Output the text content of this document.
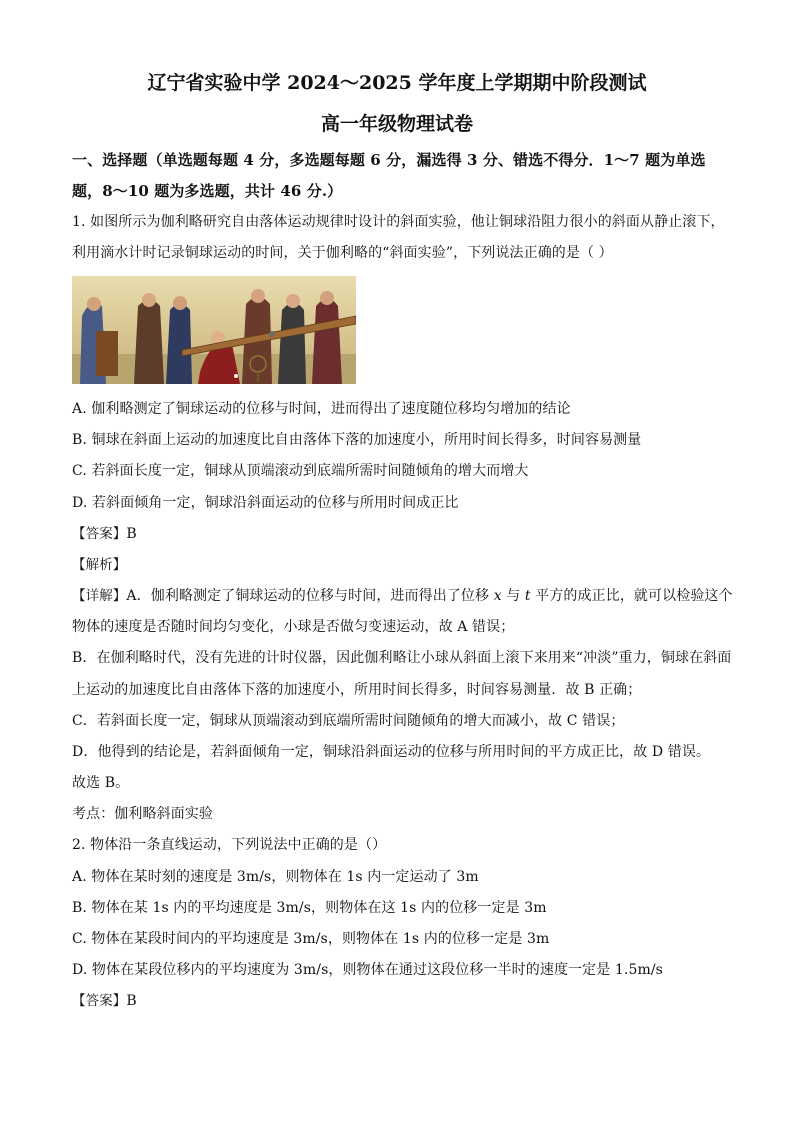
辽宁省实验中学 2024～2025 学年度上学期期中阶段测试
高一年级物理试卷
一、选择题（单选题每题 4 分，多选题每题 6 分，漏选得 3 分、错选不得分．1～7 题为单选
题，8～10 题为多选题，共计 46 分.）
1. 如图所示为伽利略研究自由落体运动规律时设计的斜面实验，他让铜球沿阻力很小的斜面从静止滚下，
利用滴水计时记录铜球运动的时间，关于伽利略的“斜面实验”，下列说法正确的是（ ）
A. 伽利略测定了铜球运动的位移与时间，进而得出了速度随位移均匀增加的结论
B. 铜球在斜面上运动的加速度比自由落体下落的加速度小，所用时间长得多，时间容易测量
C. 若斜面长度一定，铜球从顶端滚动到底端所需时间随倾角的增大而增大
D. 若斜面倾角一定，铜球沿斜面运动的位移与所用时间成正比
【答案】B
【解析】
【详解】A．伽利略测定了铜球运动的位移与时间，进而得出了位移 x 与 t 平方的成正比，就可以检验这个
物体的速度是否随时间均匀变化，小球是否做匀变速运动，故 A 错误；
B．在伽利略时代，没有先进的计时仪器，因此伽利略让小球从斜面上滚下来用来“冲淡”重力，铜球在斜面
上运动的加速度比自由落体下落的加速度小，所用时间长得多，时间容易测量．故 B 正确；
C．若斜面长度一定，铜球从顶端滚动到底端所需时间随倾角的增大而减小，故 C 错误；
D．他得到的结论是，若斜面倾角一定，铜球沿斜面运动的位移与所用时间的平方成正比，故 D 错误。
故选 B。
考点：伽利略斜面实验
2. 物体沿一条直线运动，下列说法中正确的是（）
A. 物体在某时刻的速度是 3m/s，则物体在 1s 内一定运动了 3m
B. 物体在某 1s 内的平均速度是 3m/s，则物体在这 1s 内的位移一定是 3m
C. 物体在某段时间内的平均速度是 3m/s，则物体在 1s 内的位移一定是 3m
D. 物体在某段位移内的平均速度为 3m/s，则物体在通过这段位移一半时的速度一定是 1.5m/s
【答案】B
